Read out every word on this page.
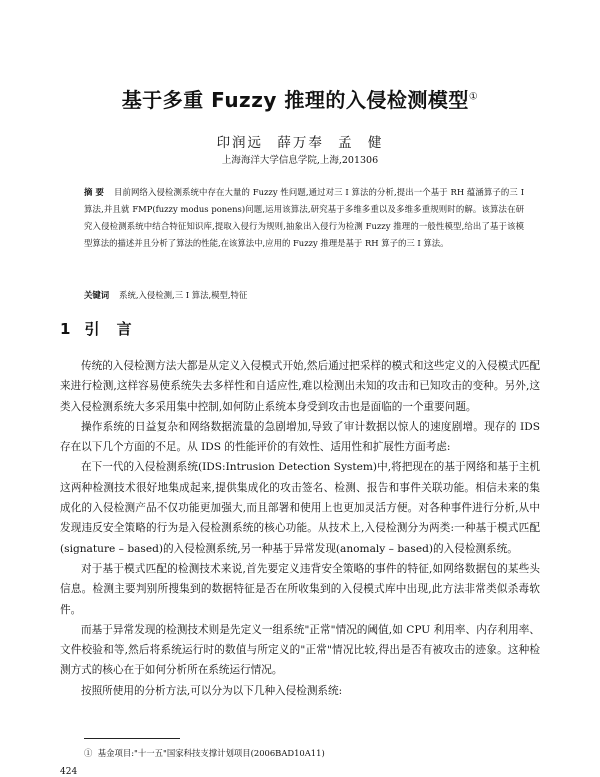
基于多重 Fuzzy 推理的入侵检测模型①
印润远 薛万奉 孟 健
上海海洋大学信息学院,上海,201306
摘 要 目前网络入侵检测系统中存在大量的 Fuzzy 性问题,通过对三 I 算法的分析,提出一个基于 RH 蕴涵算子的三 I 算法,并且就 FMP(fuzzy modus ponens)问题,运用该算法,研究基于多维多重以及多维多重规则时的解。该算法在研究入侵检测系统中结合特征知识库,提取入侵行为规则,抽象出入侵行为检测 Fuzzy 推理的一般性模型,给出了基于该模型算法的描述并且分析了算法的性能,在该算法中,应用的 Fuzzy 推理是基于 RH 算子的三 I 算法。
关键词 系统,入侵检测,三 I 算法,模型,特征
1 引 言

传统的入侵检测方法大都是从定义入侵模式开始,然后通过把采样的模式和这些定义的入侵模式匹配来进行检测,这样容易使系统失去多样性和自适应性,难以检测出未知的攻击和已知攻击的变种。另外,这类入侵检测系统大多采用集中控制,如何防止系统本身受到攻击也是面临的一个重要问题。

操作系统的日益复杂和网络数据流量的急剧增加,导致了审计数据以惊人的速度剧增。现存的 IDS 存在以下几个方面的不足。从 IDS 的性能评价的有效性、适用性和扩展性方面考虑:

在下一代的入侵检测系统(IDS:Intrusion Detection System)中,将把现在的基于网络和基于主机这两种检测技术很好地集成起来,提供集成化的攻击签名、检测、报告和事件关联功能。相信未来的集成化的入侵检测产品不仅功能更加强大,而且部署和使用上也更加灵活方便。对各种事件进行分析,从中发现违反安全策略的行为是入侵检测系统的核心功能。从技术上,入侵检测分为两类:一种基于模式匹配(signature – based)的入侵检测系统,另一种基于异常发现(anomaly – based)的入侵检测系统。

对于基于模式匹配的检测技术来说,首先要定义违背安全策略的事件的特征,如网络数据包的某些头信息。检测主要判别所搜集到的数据特征是否在所收集到的入侵模式库中出现,此方法非常类似杀毒软件。

而基于异常发现的检测技术则是先定义一组系统"正常"情况的阈值,如 CPU 利用率、内存利用率、文件校验和等,然后将系统运行时的数值与所定义的"正常"情况比较,得出是否有被攻击的迹象。这种检测方式的核心在于如何分析所在系统运行情况。

按照所使用的分析方法,可以分为以下几种入侵检测系统:

① 基金项目:"十一五"国家科技支撑计划项目(2006BAD10A11)
424
